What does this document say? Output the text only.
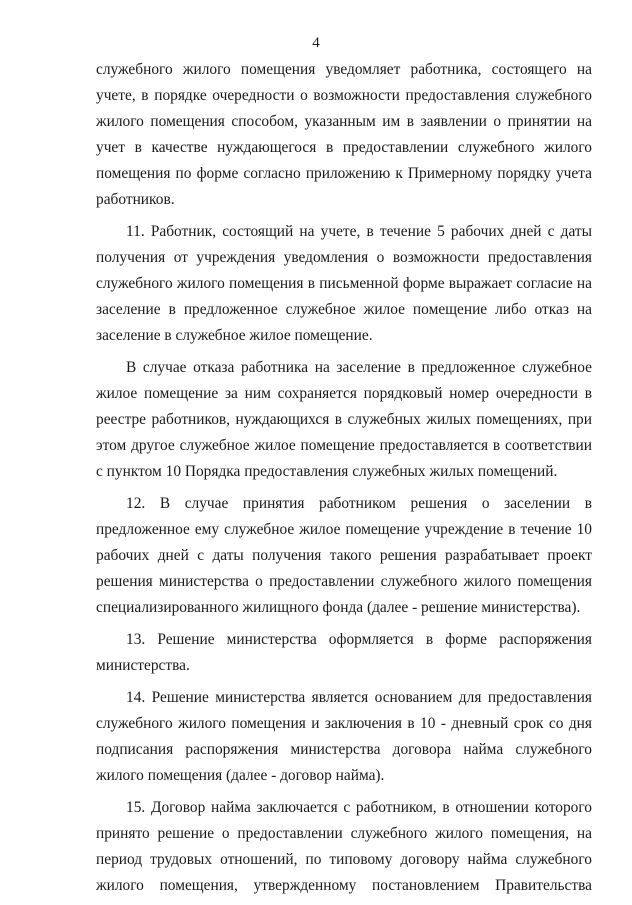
4

служебного жилого помещения уведомляет работника, состоящего на учете, в порядке очередности о возможности предоставления служебного жилого помещения способом, указанным им в заявлении о принятии на учет в качестве нуждающегося в предоставлении служебного жилого помещения по форме согласно приложению к Примерному порядку учета работников.

11. Работник, состоящий на учете, в течение 5 рабочих дней с даты получения от учреждения уведомления о возможности предоставления служебного жилого помещения в письменной форме выражает согласие на заселение в предложенное служебное жилое помещение либо отказ на заселение в служебное жилое помещение.

В случае отказа работника на заселение в предложенное служебное жилое помещение за ним сохраняется порядковый номер очередности в реестре работников, нуждающихся в служебных жилых помещениях, при этом другое служебное жилое помещение предоставляется в соответствии с пунктом 10 Порядка предоставления служебных жилых помещений.

12. В случае принятия работником решения о заселении в предложенное ему служебное жилое помещение учреждение в течение 10 рабочих дней с даты получения такого решения разрабатывает проект решения министерства о предоставлении служебного жилого помещения специализированного жилищного фонда (далее - решение министерства).

13. Решение министерства оформляется в форме распоряжения министерства.

14. Решение министерства является основанием для предоставления служебного жилого помещения и заключения в 10 - дневный срок со дня подписания распоряжения министерства договора найма служебного жилого помещения (далее - договор найма).

15. Договор найма заключается с работником, в отношении которого принято решение о предоставлении служебного жилого помещения, на период трудовых отношений, по типовому договору найма служебного жилого помещения, утвержденному постановлением Правительства
